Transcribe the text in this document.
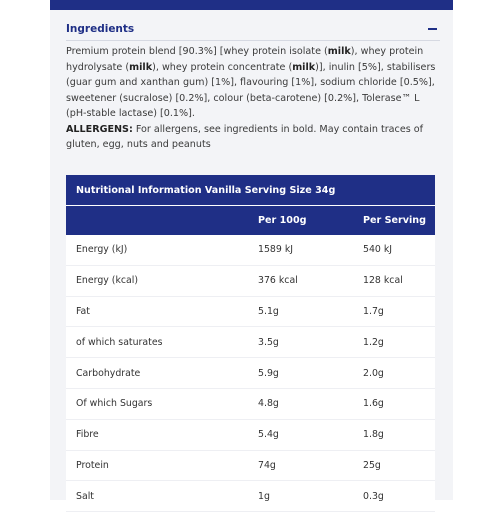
Ingredients

Premium protein blend [90.3%] [whey protein isolate (milk), whey protein hydrolysate (milk), whey protein concentrate (milk)], inulin [5%], stabilisers (guar gum and xanthan gum) [1%], flavouring [1%], sodium chloride [0.5%], sweetener (sucralose) [0.2%], colour (beta-carotene) [0.2%], Tolerase™ L (pH-stable lactase) [0.1%].

ALLERGENS: For allergens, see ingredients in bold. May contain traces of gluten, egg, nuts and peanuts

Nutritional Information Vanilla Serving Size 34g		
	Per 100g	Per Serving
Energy (kJ)	1589 kJ	540 kJ
Energy (kcal)	376 kcal	128 kcal
Fat	5.1g	1.7g
of which saturates	3.5g	1.2g
Carbohydrate	5.9g	2.0g
Of which Sugars	4.8g	1.6g
Fibre	5.4g	1.8g
Protein	74g	25g
Salt	1g	0.3g
